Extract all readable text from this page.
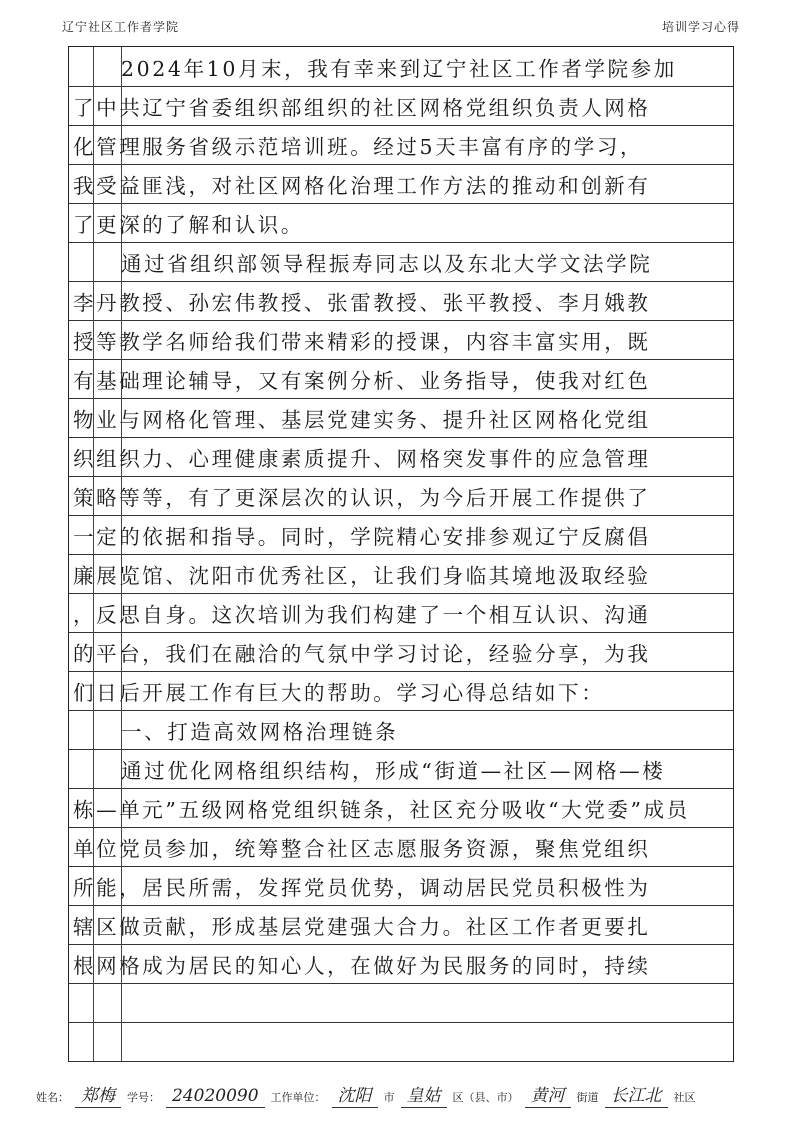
辽宁社区工作者学院	培训学习心得
2024年10月末，我有幸来到辽宁社区工作者学院参加
了中共辽宁省委组织部组织的社区网格党组织负责人网格
化管理服务省级示范培训班。经过5天丰富有序的学习，
我受益匪浅，对社区网格化治理工作方法的推动和创新有
了更深的了解和认识。
通过省组织部领导程振寿同志以及东北大学文法学院
李丹教授、孙宏伟教授、张雷教授、张平教授、李月娥教
授等教学名师给我们带来精彩的授课，内容丰富实用，既
有基础理论辅导，又有案例分析、业务指导，使我对红色
物业与网格化管理、基层党建实务、提升社区网格化党组
织组织力、心理健康素质提升、网格突发事件的应急管理
策略等等，有了更深层次的认识，为今后开展工作提供了
一定的依据和指导。同时，学院精心安排参观辽宁反腐倡
廉展览馆、沈阳市优秀社区，让我们身临其境地汲取经验
，反思自身。这次培训为我们构建了一个相互认识、沟通
的平台，我们在融洽的气氛中学习讨论，经验分享，为我
们日后开展工作有巨大的帮助。学习心得总结如下：
一、打造高效网格治理链条
通过优化网格组织结构，形成“街道—社区—网格—楼
栋—单元”五级网格党组织链条，社区充分吸收“大党委”成员
单位党员参加，统筹整合社区志愿服务资源，聚焦党组织
所能，居民所需，发挥党员优势，调动居民党员积极性为
辖区做贡献，形成基层党建强大合力。社区工作者更要扎
根网格成为居民的知心人，在做好为民服务的同时，持续
姓名： 郑梅	学号： 24020090	工作单位： 沈阳	市 皇姑	区（县、市） 黄河	街道 长江北	社区
